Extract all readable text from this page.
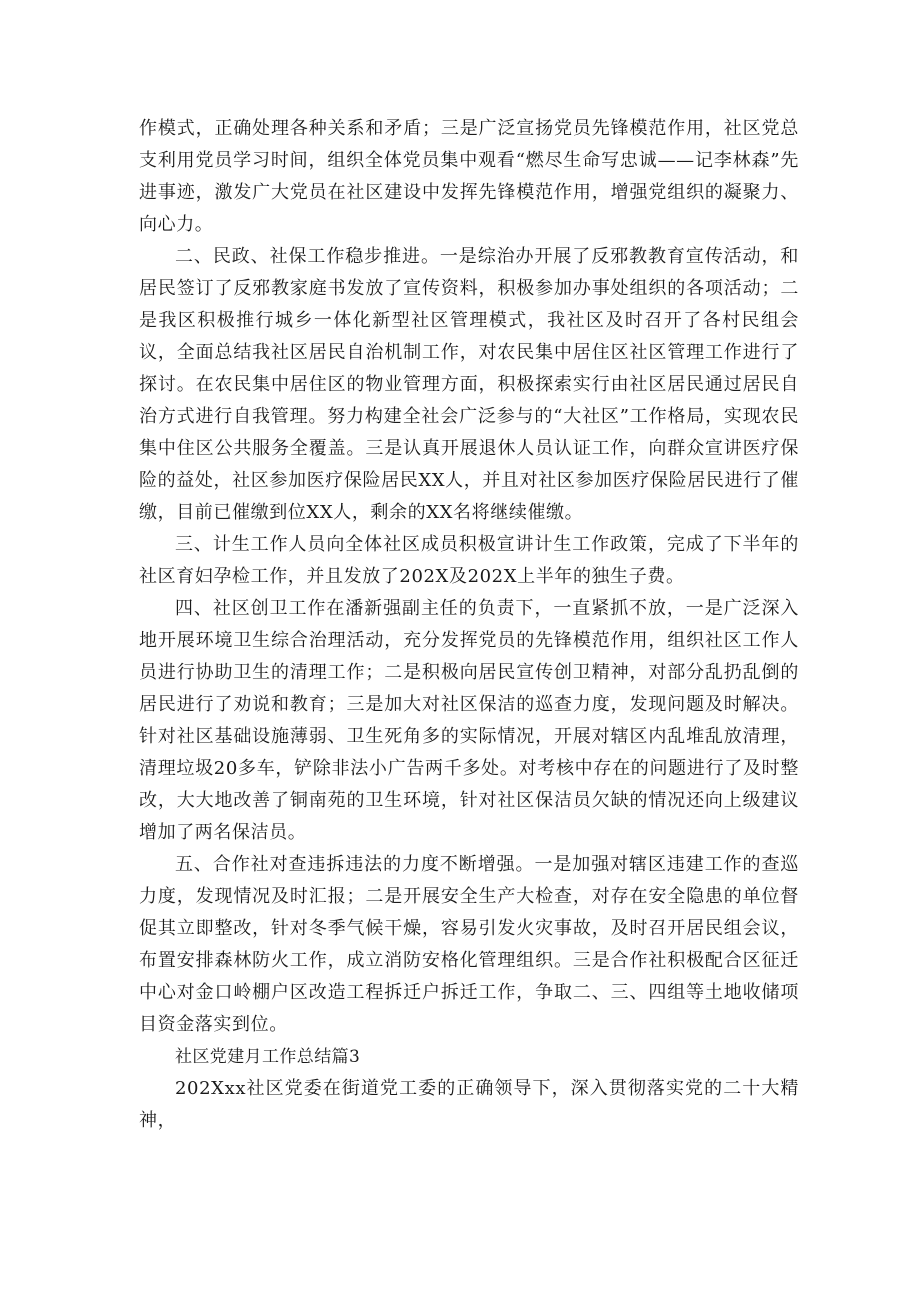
作模式，正确处理各种关系和矛盾；三是广泛宣扬党员先锋模范作用，社区党总支利用党员学习时间，组织全体党员集中观看“燃尽生命写忠诚——记李林森”先进事迹，激发广大党员在社区建设中发挥先锋模范作用，增强党组织的凝聚力、向心力。

二、民政、社保工作稳步推进。一是综治办开展了反邪教教育宣传活动，和居民签订了反邪教家庭书发放了宣传资料，积极参加办事处组织的各项活动；二是我区积极推行城乡一体化新型社区管理模式，我社区及时召开了各村民组会议，全面总结我社区居民自治机制工作，对农民集中居住区社区管理工作进行了探讨。在农民集中居住区的物业管理方面，积极探索实行由社区居民通过居民自治方式进行自我管理。努力构建全社会广泛参与的“大社区”工作格局，实现农民集中住区公共服务全覆盖。三是认真开展退休人员认证工作，向群众宣讲医疗保险的益处，社区参加医疗保险居民XX人，并且对社区参加医疗保险居民进行了催缴，目前已催缴到位XX人，剩余的XX名将继续催缴。

三、计生工作人员向全体社区成员积极宣讲计生工作政策，完成了下半年的社区育妇孕检工作，并且发放了202X及202X上半年的独生子费。

四、社区创卫工作在潘新强副主任的负责下，一直紧抓不放，一是广泛深入地开展环境卫生综合治理活动，充分发挥党员的先锋模范作用，组织社区工作人员进行协助卫生的清理工作；二是积极向居民宣传创卫精神，对部分乱扔乱倒的居民进行了劝说和教育；三是加大对社区保洁的巡查力度，发现问题及时解决。针对社区基础设施薄弱、卫生死角多的实际情况，开展对辖区内乱堆乱放清理，清理垃圾20多车，铲除非法小广告两千多处。对考核中存在的问题进行了及时整改，大大地改善了铜南苑的卫生环境，针对社区保洁员欠缺的情况还向上级建议增加了两名保洁员。

五、合作社对查违拆违法的力度不断增强。一是加强对辖区违建工作的查巡力度，发现情况及时汇报；二是开展安全生产大检查，对存在安全隐患的单位督促其立即整改，针对冬季气候干燥，容易引发火灾事故，及时召开居民组会议，布置安排森林防火工作，成立消防安格化管理组织。三是合作社积极配合区征迁中心对金口岭棚户区改造工程拆迁户拆迁工作，争取二、三、四组等土地收储项目资金落实到位。

社区党建月工作总结篇3

202Xxx社区党委在街道党工委的正确领导下，深入贯彻落实党的二十大精神，
